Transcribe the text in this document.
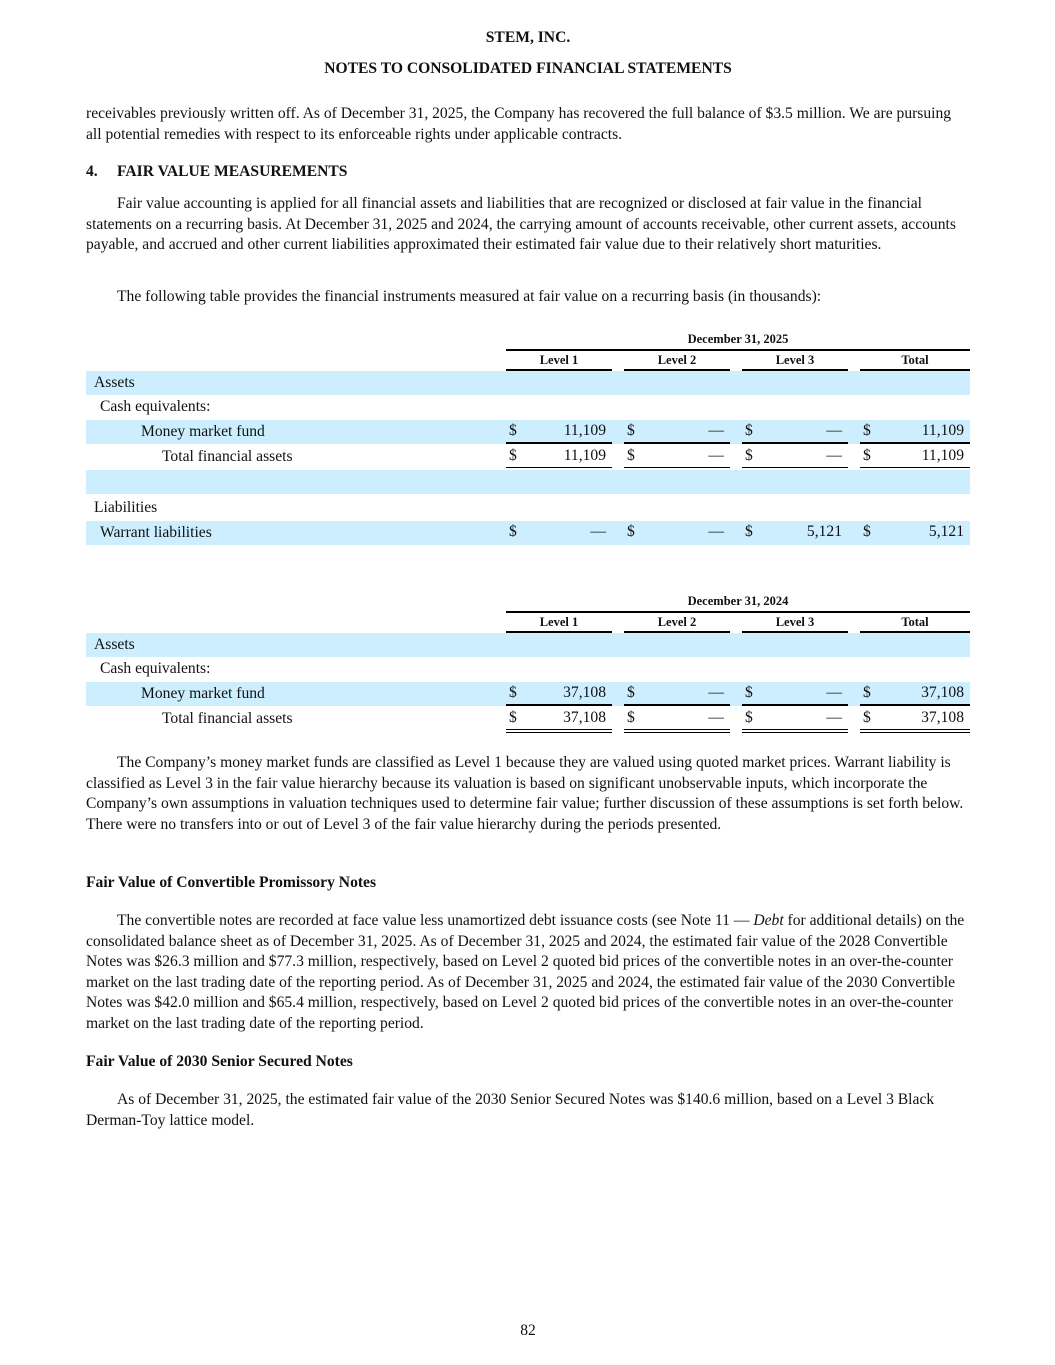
STEM, INC.
NOTES TO CONSOLIDATED FINANCIAL STATEMENTS

receivables previously written off. As of December 31, 2025, the Company has recovered the full balance of $3.5 million. We are pursuing all potential remedies with respect to its enforceable rights under applicable contracts.

4. FAIR VALUE MEASUREMENTS

Fair value accounting is applied for all financial assets and liabilities that are recognized or disclosed at fair value in the financial statements on a recurring basis. At December 31, 2025 and 2024, the carrying amount of accounts receivable, other current assets, accounts payable, and accrued and other current liabilities approximated their estimated fair value due to their relatively short maturities.

The following table provides the financial instruments measured at fair value on a recurring basis (in thousands):

December 31, 2025
Level 1	Level 2	Level 3	Total
Assets
Cash equivalents:
Money market fund	$	11,109 $	— $	— $	11,109
Total financial assets	$	11,109 $	— $	— $	11,109
Liabilities
Warrant liabilities	$	— $	— $	5,121 $	5,121
December 31, 2024
Level 1	Level 2	Level 3	Total
Assets
Cash equivalents:
Money market fund	$	37,108 $	— $	— $	37,108
Total financial assets	$	37,108 $	— $	— $	37,108

The Company’s money market funds are classified as Level 1 because they are valued using quoted market prices. Warrant liability is classified as Level 3 in the fair value hierarchy because its valuation is based on significant unobservable inputs, which incorporate the Company’s own assumptions in valuation techniques used to determine fair value; further discussion of these assumptions is set forth below. There were no transfers into or out of Level 3 of the fair value hierarchy during the periods presented.

Fair Value of Convertible Promissory Notes

The convertible notes are recorded at face value less unamortized debt issuance costs (see Note 11 — Debt for additional details) on the consolidated balance sheet as of December 31, 2025. As of December 31, 2025 and 2024, the estimated fair value of the 2028 Convertible Notes was $26.3 million and $77.3 million, respectively, based on Level 2 quoted bid prices of the convertible notes in an over-the-counter market on the last trading date of the reporting period. As of December 31, 2025 and 2024, the estimated fair value of the 2030 Convertible Notes was $42.0 million and $65.4 million, respectively, based on Level 2 quoted bid prices of the convertible notes in an over-the-counter market on the last trading date of the reporting period.

Fair Value of 2030 Senior Secured Notes

As of December 31, 2025, the estimated fair value of the 2030 Senior Secured Notes was $140.6 million, based on a Level 3 Black Derman-Toy lattice model.

82
